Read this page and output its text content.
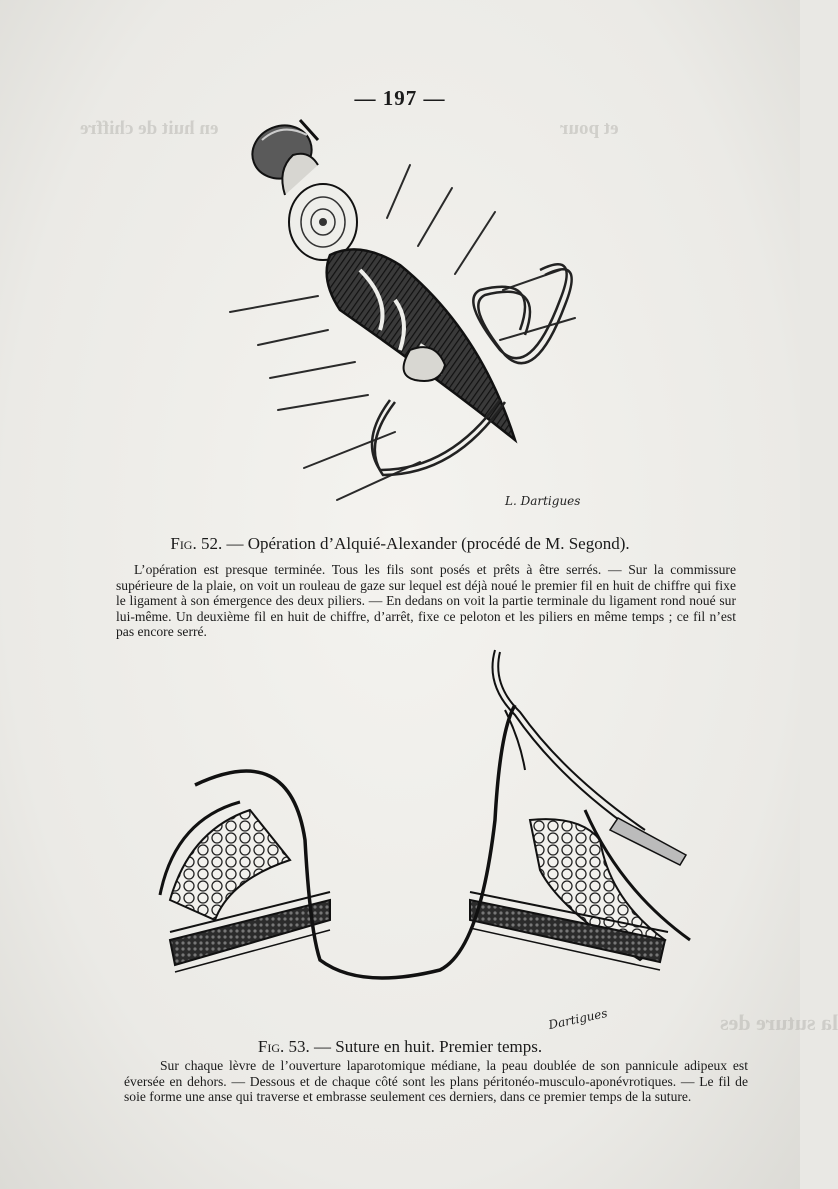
et pour
en huit de chiffre
la suture des
— 197 —
L. Dartigues
Fig. 52. — Opération d’Alquié-Alexander (procédé de M. Segond).

L’opération est presque terminée. Tous les fils sont posés et prêts à être serrés. — Sur la commissure supérieure de la plaie, on voit un rouleau de gaze sur lequel est déjà noué le premier fil en huit de chiffre qui fixe le ligament à son émergence des deux piliers. — En dedans on voit la partie terminale du ligament rond noué sur lui-même. Un deuxième fil en huit de chiffre, d’arrêt, fixe ce peloton et les piliers en même temps ; ce fil n’est pas encore serré.

Dartigues
Fig. 53. — Suture en huit. Premier temps.

Sur chaque lèvre de l’ouverture laparotomique médiane, la peau doublée de son pannicule adipeux est éversée en dehors. — Dessous et de chaque côté sont les plans péritonéo-musculo-aponévrotiques. — Le fil de soie forme une anse qui traverse et embrasse seulement ces derniers, dans ce premier temps de la suture.
